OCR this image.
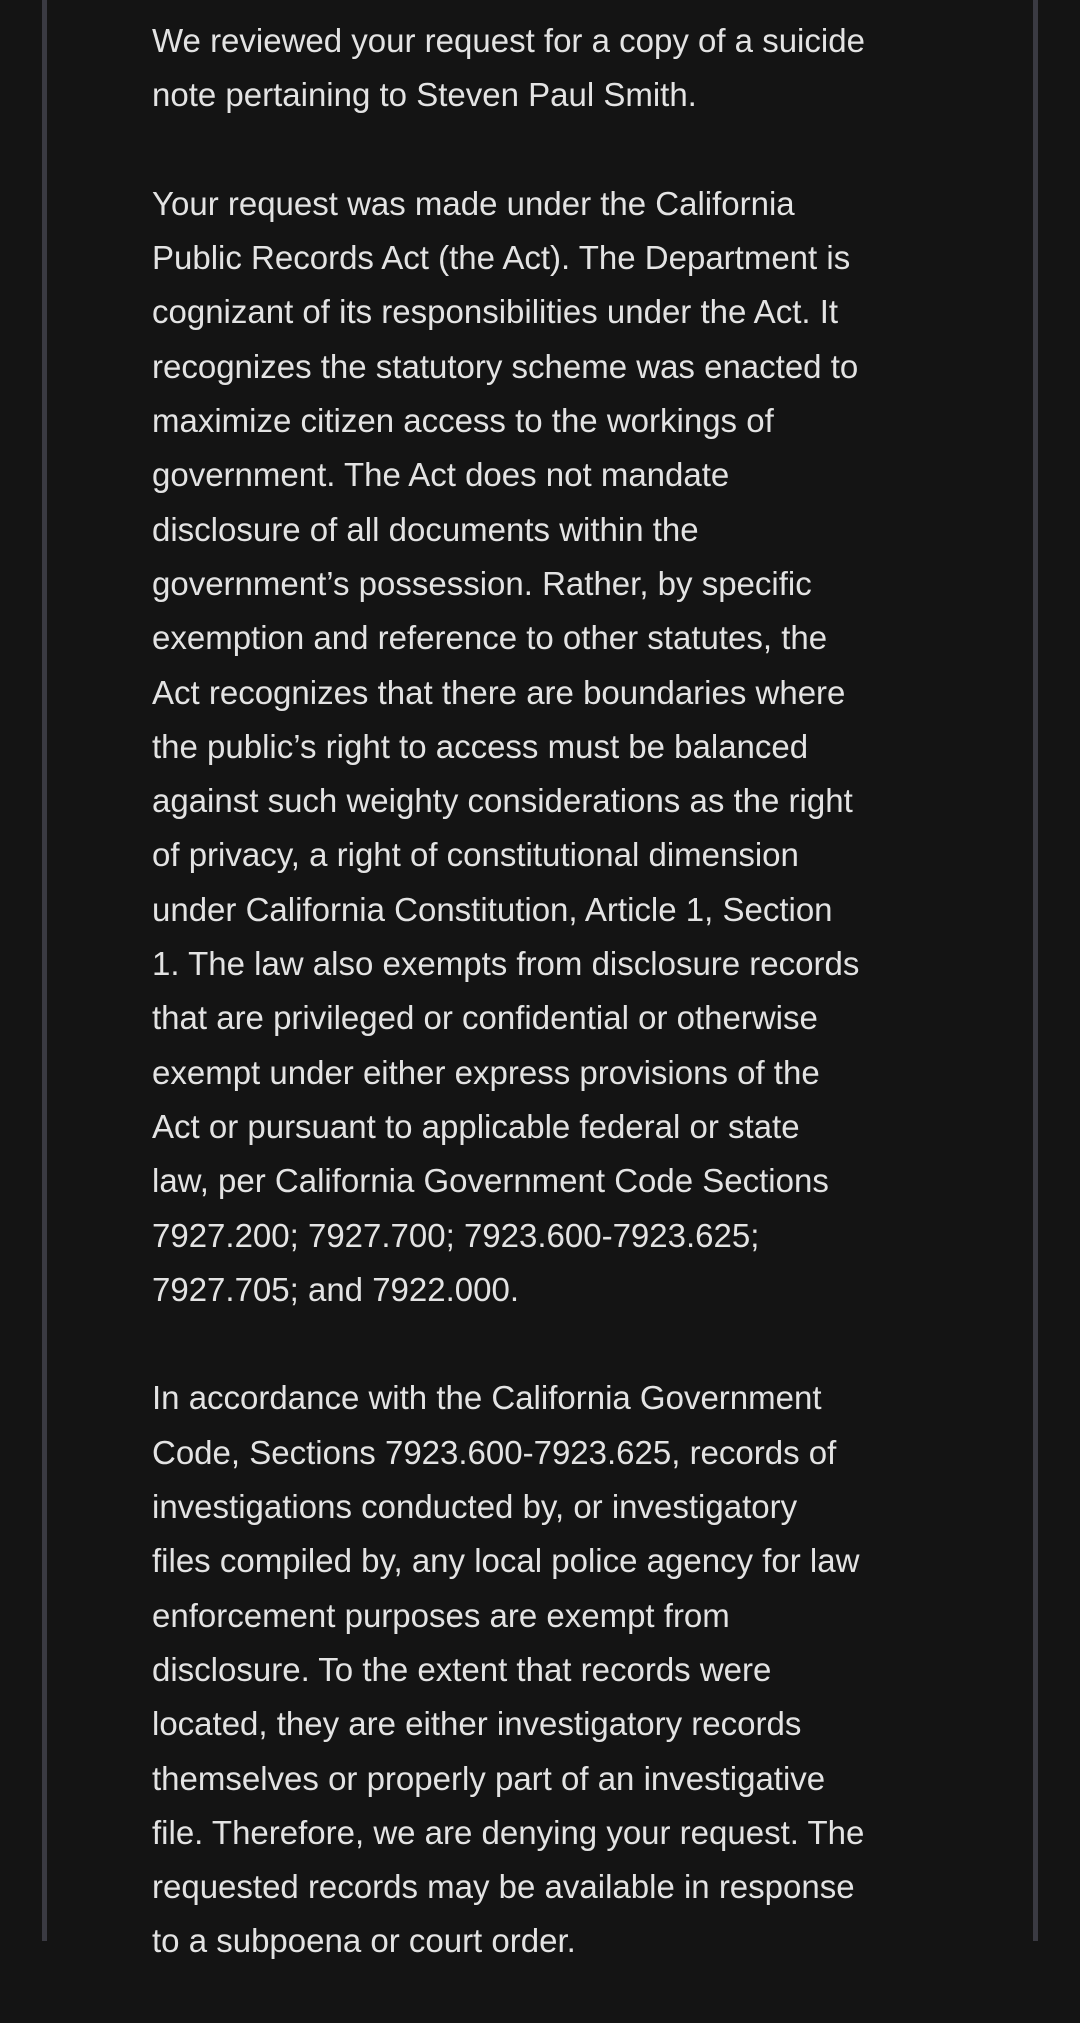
We reviewed your request for a copy of a suicide
note pertaining to Steven Paul Smith.

Your request was made under the California
Public Records Act (the Act). The Department is
cognizant of its responsibilities under the Act. It
recognizes the statutory scheme was enacted to
maximize citizen access to the workings of
government. The Act does not mandate
disclosure of all documents within the
government’s possession. Rather, by specific
exemption and reference to other statutes, the
Act recognizes that there are boundaries where
the public’s right to access must be balanced
against such weighty considerations as the right
of privacy, a right of constitutional dimension
under California Constitution, Article 1, Section
1. The law also exempts from disclosure records
that are privileged or confidential or otherwise
exempt under either express provisions of the
Act or pursuant to applicable federal or state
law, per California Government Code Sections
7927.200; 7927.700; 7923.600-7923.625;
7927.705; and 7922.000.

In accordance with the California Government
Code, Sections 7923.600-7923.625, records of
investigations conducted by, or investigatory
files compiled by, any local police agency for law
enforcement purposes are exempt from
disclosure. To the extent that records were
located, they are either investigatory records
themselves or properly part of an investigative
file. Therefore, we are denying your request. The
requested records may be available in response
to a subpoena or court order.
